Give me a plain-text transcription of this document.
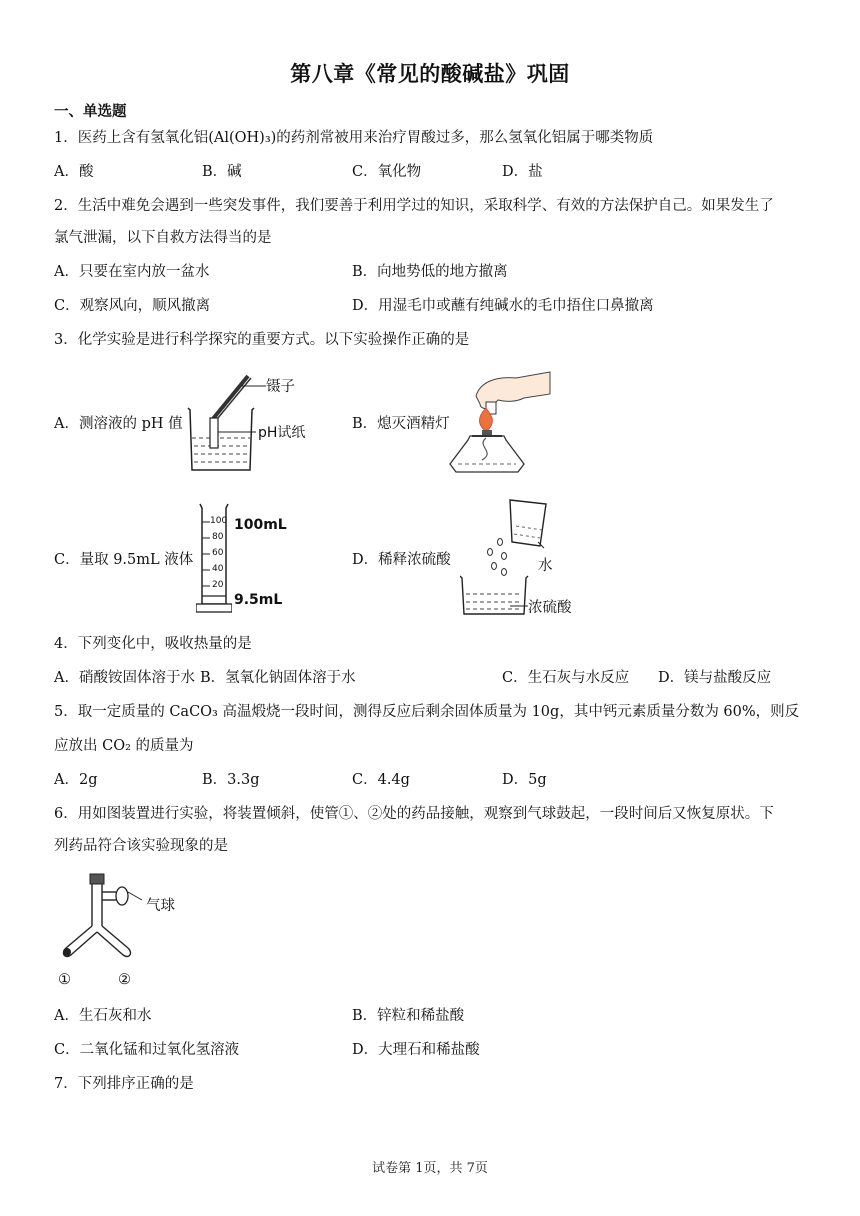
第八章《常见的酸碱盐》巩固
一、单选题
1．医药上含有氢氧化铝(Al(OH)₃)的药剂常被用来治疗胃酸过多，那么氢氧化铝属于哪类物质
A．酸	B．碱	C．氧化物	D．盐
2．生活中难免会遇到一些突发事件，我们要善于利用学过的知识，采取科学、有效的方法保护自己。如果发生了
氯气泄漏，以下自救方法得当的是
A．只要在室内放一盆水	B．向地势低的地方撤离
C．观察风向，顺风撤离	D．用湿毛巾或蘸有纯碱水的毛巾捂住口鼻撤离
3．化学实验是进行科学探究的重要方式。以下实验操作正确的是
A．测溶液的 pH 值
镊子
pH试纸
B．熄灭酒精灯
C．量取 9.5mL 液体
100
80
60
40
20
100mL
9.5mL
D．稀释浓硫酸	水
浓硫酸
4．下列变化中，吸收热量的是
A．硝酸铵固体溶于水 B．氢氧化钠固体溶于水	C．生石灰与水反应 D．镁与盐酸反应
5．取一定质量的 CaCO₃ 高温煅烧一段时间，测得反应后剩余固体质量为 10g，其中钙元素质量分数为 60%，则反
应放出 CO₂ 的质量为
A．2g	B．3.3g	C．4.4g	D．5g
6．用如图装置进行实验，将装置倾斜，使管①、②处的药品接触，观察到气球鼓起，一段时间后又恢复原状。下
列药品符合该实验现象的是
气球
①	②
A．生石灰和水	B．锌粒和稀盐酸
C．二氧化锰和过氧化氢溶液	D．大理石和稀盐酸
7．下列排序正确的是
试卷第 1页，共 7页
